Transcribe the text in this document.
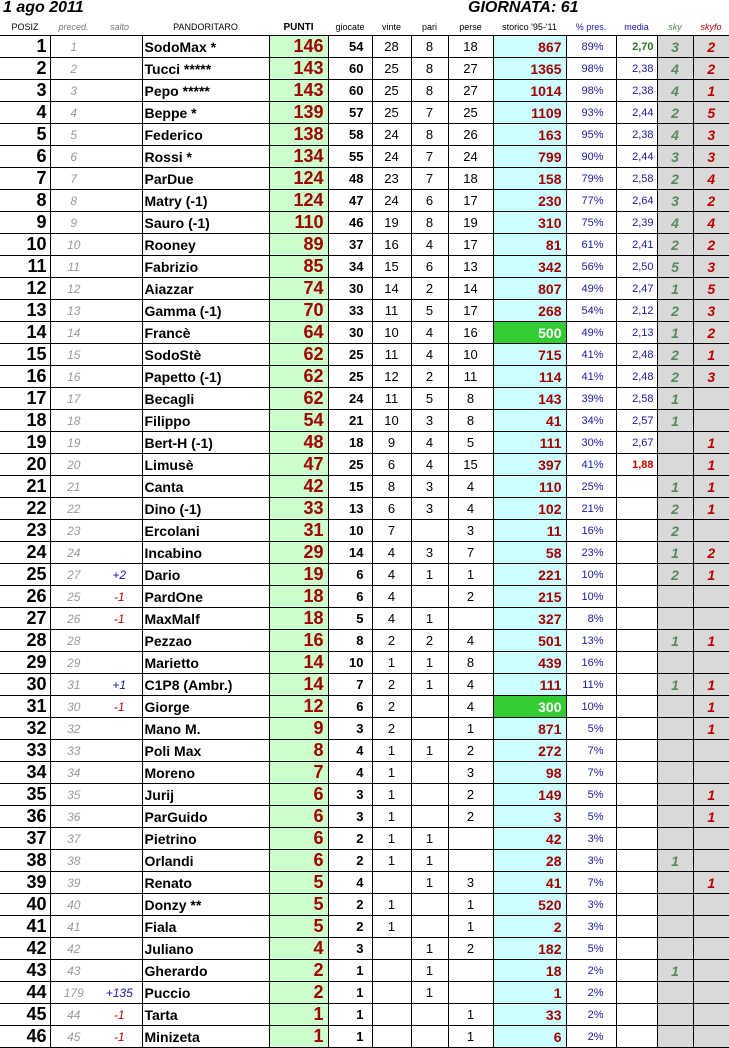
1 ago 2011	GIORNATA: 61
POSIZ	preced.	salto	PANDORITARO	PUNTI	giocate	vinte	pari	perse	storico '95-'11	% pres.	media	sky	skyfo
1	1		SodoMax *	146	54	28	8	18	867	89%	2,70	3	2
2	2		Tucci *****	143	60	25	8	27	1365	98%	2,38	4	2
3	3		Pepo *****	143	60	25	8	27	1014	98%	2,38	4	1
4	4		Beppe *	139	57	25	7	25	1109	93%	2,44	2	5
5	5		Federico	138	58	24	8	26	163	95%	2,38	4	3
6	6		Rossi *	134	55	24	7	24	799	90%	2,44	3	3
7	7		ParDue	124	48	23	7	18	158	79%	2,58	2	4
8	8		Matry (-1)	124	47	24	6	17	230	77%	2,64	3	2
9	9		Sauro (-1)	110	46	19	8	19	310	75%	2,39	4	4
10	10		Rooney	89	37	16	4	17	81	61%	2,41	2	2
11	11		Fabrizio	85	34	15	6	13	342	56%	2,50	5	3
12	12		Aiazzar	74	30	14	2	14	807	49%	2,47	1	5
13	13		Gamma (-1)	70	33	11	5	17	268	54%	2,12	2	3
14	14		Francè	64	30	10	4	16	500	49%	2,13	1	2
15	15		SodoStè	62	25	11	4	10	715	41%	2,48	2	1
16	16		Papetto (-1)	62	25	12	2	11	114	41%	2,48	2	3
17	17		Becagli	62	24	11	5	8	143	39%	2,58	1	
18	18		Filippo	54	21	10	3	8	41	34%	2,57	1	
19	19		Bert-H (-1)	48	18	9	4	5	111	30%	2,67		1
20	20		Limusè	47	25	6	4	15	397	41%	1,88		1
21	21		Canta	42	15	8	3	4	110	25%		1	1
22	22		Dino (-1)	33	13	6	3	4	102	21%		2	1
23	23		Ercolani	31	10	7		3	11	16%		2	
24	24		Incabino	29	14	4	3	7	58	23%		1	2
25	27	+2	Dario	19	6	4	1	1	221	10%		2	1
26	25	-1	PardOne	18	6	4		2	215	10%			
27	26	-1	MaxMalf	18	5	4	1		327	8%			
28	28		Pezzao	16	8	2	2	4	501	13%		1	1
29	29		Marietto	14	10	1	1	8	439	16%			
30	31	+1	C1P8 (Ambr.)	14	7	2	1	4	111	11%		1	1
31	30	-1	Giorge	12	6	2		4	300	10%			1
32	32		Mano M.	9	3	2		1	871	5%			1
33	33		Poli Max	8	4	1	1	2	272	7%			
34	34		Moreno	7	4	1		3	98	7%			
35	35		Jurij	6	3	1		2	149	5%			1
36	36		ParGuido	6	3	1		2	3	5%			1
37	37		Pietrino	6	2	1	1		42	3%			
38	38		Orlandi	6	2	1	1		28	3%		1	
39	39		Renato	5	4		1	3	41	7%			1
40	40		Donzy **	5	2	1		1	520	3%			
41	41		Fiala	5	2	1		1	2	3%			
42	42		Juliano	4	3		1	2	182	5%			
43	43		Gherardo	2	1		1		18	2%		1	
44	179	+135	Puccio	2	1		1		1	2%			
45	44	-1	Tarta	1	1			1	33	2%			
46	45	-1	Minizeta	1	1			1	6	2%			
